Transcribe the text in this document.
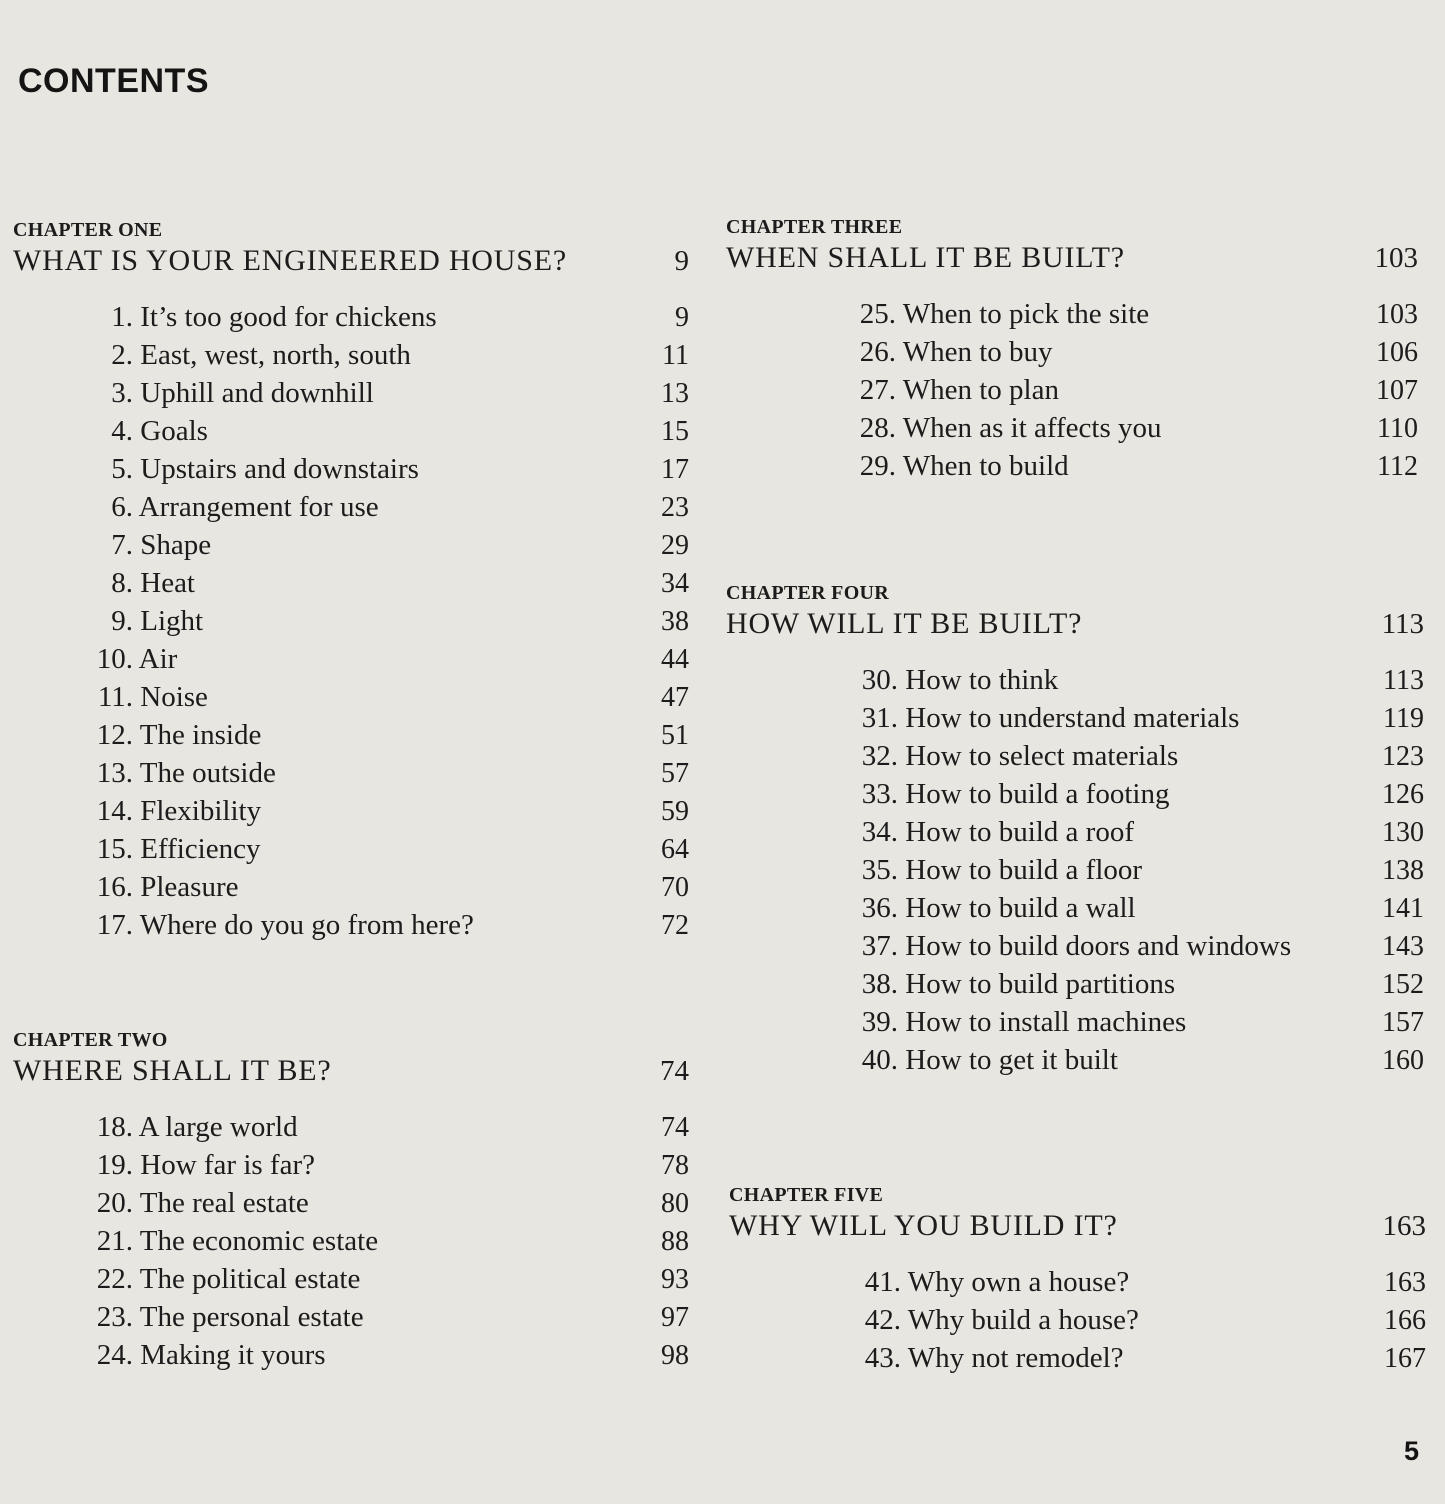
CONTENTS
CHAPTER ONE
WHAT IS YOUR ENGINEERED HOUSE?	9
1. It’s too good for chickens	9
2. East, west, north, south	11
3. Uphill and downhill	13
4. Goals	15
5. Upstairs and downstairs	17
6. Arrangement for use	23
7. Shape	29
8. Heat	34
9. Light	38
10. Air	44
11. Noise	47
12. The inside	51
13. The outside	57
14. Flexibility	59
15. Efficiency	64
16. Pleasure	70
17. Where do you go from here?	72
CHAPTER TWO
WHERE SHALL IT BE?	74
18. A large world	74
19. How far is far?	78
20. The real estate	80
21. The economic estate	88
22. The political estate	93
23. The personal estate	97
24. Making it yours	98
CHAPTER THREE
WHEN SHALL IT BE BUILT?	103
25. When to pick the site	103
26. When to buy	106
27. When to plan	107
28. When as it affects you	110
29. When to build	112
CHAPTER FOUR
HOW WILL IT BE BUILT?	113
30. How to think	113
31. How to understand materials	119
32. How to select materials	123
33. How to build a footing	126
34. How to build a roof	130
35. How to build a floor	138
36. How to build a wall	141
37. How to build doors and windows	143
38. How to build partitions	152
39. How to install machines	157
40. How to get it built	160
CHAPTER FIVE
WHY WILL YOU BUILD IT?	163
41. Why own a house?	163
42. Why build a house?	166
43. Why not remodel?	167
5
